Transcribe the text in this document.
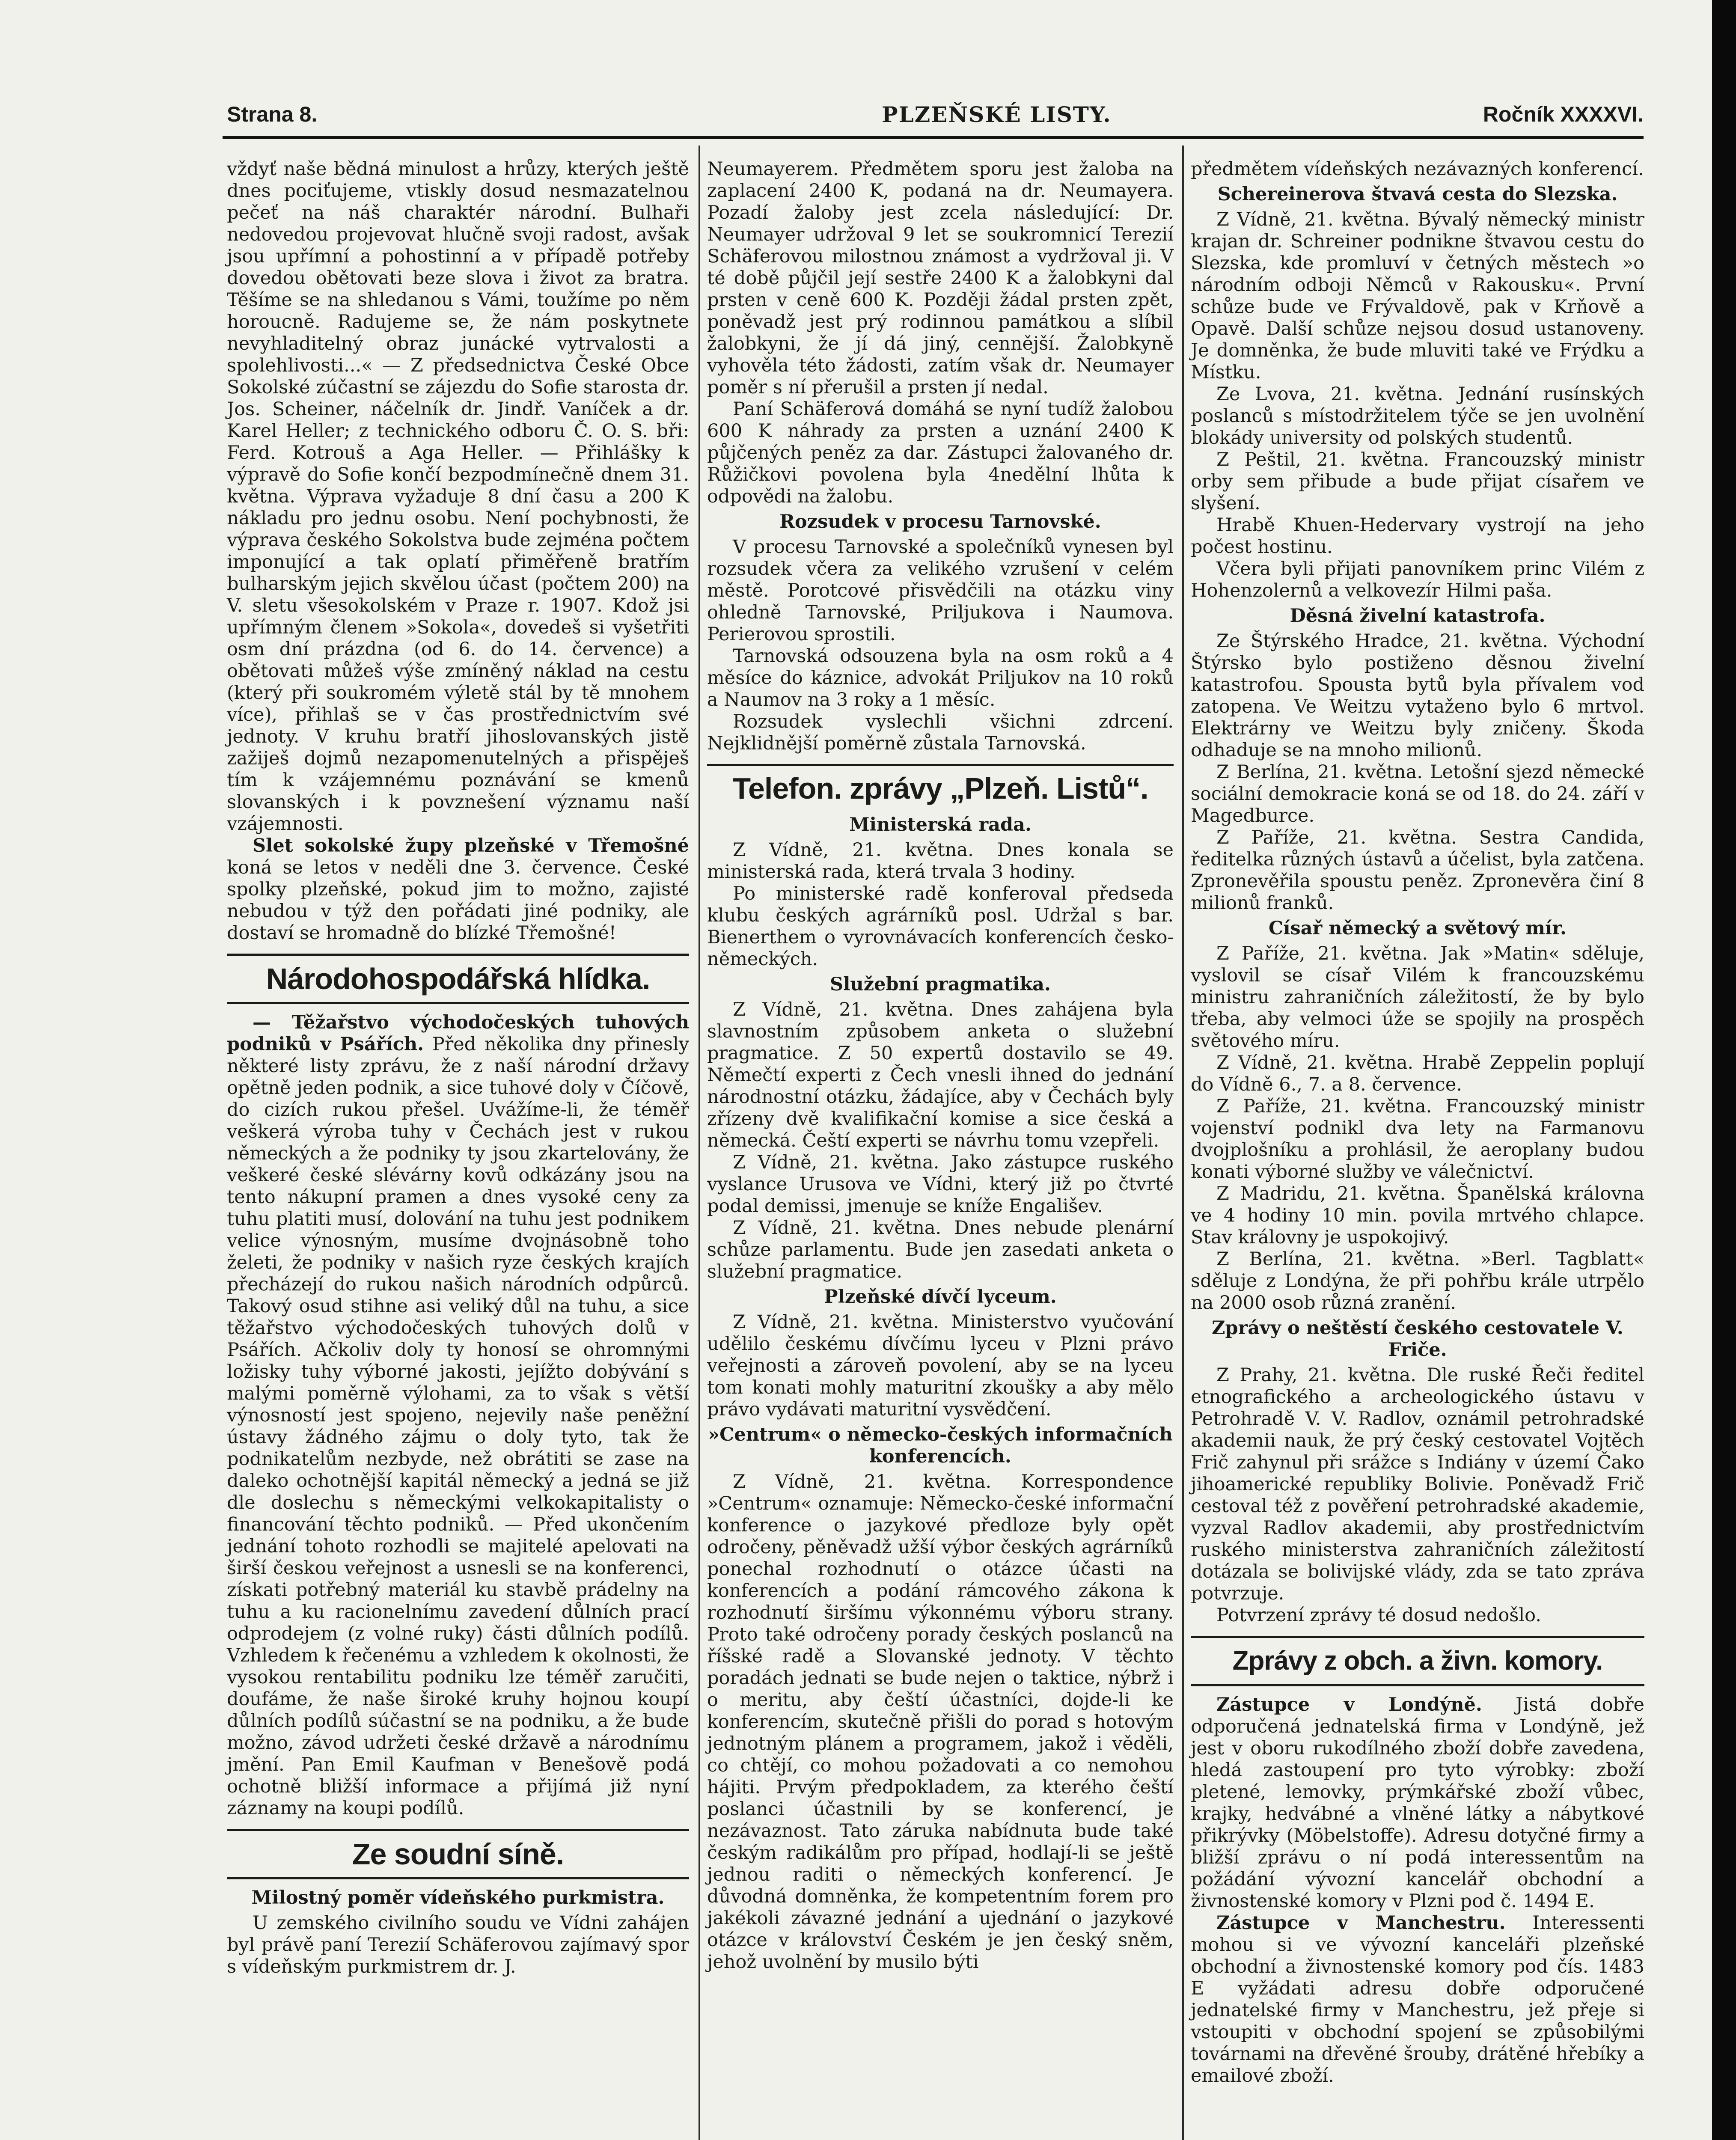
Strana 8.	PLZEŇSKÉ LISTY.	Ročník XXXXVI.

vždyť naše bědná minulost a hrůzy, kterých ještě dnes pociťujeme, vtiskly dosud nesmazatelnou pečeť na náš charaktér národní. Bulhaři nedovedou projevovat hlučně svoji radost, avšak jsou upřímní a pohostinní a v případě potřeby dovedou obětovati beze slova i život za bratra. Těšíme se na shledanou s Vámi, toužíme po něm horoucně. Radujeme se, že nám poskytnete nevyhladitelný obraz junácké vytrvalosti a spolehlivosti...« — Z předsednictva České Obce Sokolské zúčastní se zájezdu do Sofie starosta dr. Jos. Scheiner, náčelník dr. Jindř. Vaníček a dr. Karel Heller; z technického odboru Č. O. S. bři: Ferd. Kotrouš a Aga Heller. — Přihlášky k výpravě do Sofie končí bezpodmínečně dnem 31. května. Výprava vyžaduje 8 dní času a 200 K nákladu pro jednu osobu. Není pochybnosti, že výprava českého Sokolstva bude zejména počtem imponující a tak oplatí přiměřeně bratřím bulharským jejich skvělou účast (počtem 200) na V. sletu všesokolském v Praze r. 1907. Kdož jsi upřímným členem »Sokola«, dovedeš si vyšetřiti osm dní prázdna (od 6. do 14. července) a obětovati můžeš výše zmíněný náklad na cestu (který při soukromém výletě stál by tě mnohem více), přihlaš se v čas prostřednictvím své jednoty. V kruhu bratří jihoslovanských jistě zažiješ dojmů nezapomenutelných a přispěješ tím k vzájemnému poznávání se kmenů slovanských i k povznešení významu naší vzájemnosti.

Slet sokolské župy plzeňské v Třemošné koná se letos v neděli dne 3. července. České spolky plzeňské, pokud jim to možno, zajisté nebudou v týž den pořádati jiné podniky, ale dostaví se hromadně do blízké Třemošné!

Národohospodářská hlídka.

— Těžařstvo východočeských tuhových podniků v Psářích. Před několika dny přinesly některé listy zprávu, že z naší národní državy opětně jeden podnik, a sice tuhové doly v Číčově, do cizích rukou přešel. Uvážíme-li, že téměř veškerá výroba tuhy v Čechách jest v rukou německých a že podniky ty jsou zkartelovány, že veškeré české slévárny kovů odkázány jsou na tento nákupní pramen a dnes vysoké ceny za tuhu platiti musí, dolování na tuhu jest podnikem velice výnosným, musíme dvojnásobně toho želeti, že podniky v našich ryze českých krajích přecházejí do rukou našich národních odpůrců. Takový osud stihne asi veliký důl na tuhu, a sice těžařstvo východočeských tuhových dolů v Psářích. Ačkoliv doly ty honosí se ohromnými ložisky tuhy výborné jakosti, jejížto dobývání s malými poměrně výlohami, za to však s větší výnosností jest spojeno, nejevily naše peněžní ústavy žádného zájmu o doly tyto, tak že podnikatelům nezbyde, než obrátiti se zase na daleko ochotnější kapitál německý a jedná se již dle doslechu s německými velkokapitalisty o financování těchto podniků. — Před ukončením jednání tohoto rozhodli se majitelé apelovati na širší českou veřejnost a usnesli se na konferenci, získati potřebný materiál ku stavbě prádelny na tuhu a ku racionelnímu zavedení důlních prací odprodejem (z volné ruky) části důlních podílů. Vzhledem k řečenému a vzhledem k okolnosti, že vysokou rentabilitu podniku lze téměř zaručiti, doufáme, že naše široké kruhy hojnou koupí důlních podílů súčastní se na podniku, a že bude možno, závod udržeti české državě a národnímu jmění. Pan Emil Kaufman v Benešově podá ochotně bližší informace a přijímá již nyní záznamy na koupi podílů.

Ze soudní síně.
Milostný poměr vídeňského purkmistra.

U zemského civilního soudu ve Vídni zahájen byl právě paní Terezií Schäferovou zajímavý spor s vídeňským purkmistrem dr. J.

Neumayerem. Předmětem sporu jest žaloba na zaplacení 2400 K, podaná na dr. Neumayera. Pozadí žaloby jest zcela následující: Dr. Neumayer udržoval 9 let se soukromnicí Terezií Schäferovou milostnou známost a vydržoval ji. V té době půjčil její sestře 2400 K a žalobkyni dal prsten v ceně 600 K. Později žádal prsten zpět, poněvadž jest prý rodinnou památkou a slíbil žalobkyni, že jí dá jiný, cennější. Žalobkyně vyhověla této žádosti, zatím však dr. Neumayer poměr s ní přerušil a prsten jí nedal.

Paní Schäferová domáhá se nyní tudíž žalobou 600 K náhrady za prsten a uznání 2400 K půjčených peněz za dar. Zástupci žalovaného dr. Růžičkovi povolena byla 4nedělní lhůta k odpovědi na žalobu.

Rozsudek v procesu Tarnovské.

V procesu Tarnovské a společníků vynesen byl rozsudek včera za velikého vzrušení v celém městě. Porotcové přisvědčili na otázku viny ohledně Tarnovské, Priljukova i Naumova. Perierovou sprostili.

Tarnovská odsouzena byla na osm roků a 4 měsíce do káznice, advokát Priljukov na 10 roků a Naumov na 3 roky a 1 měsíc.

Rozsudek vyslechli všichni zdrcení. Nejklidnější poměrně zůstala Tarnovská.

Telefon. zprávy „Plzeň. Listů“.
Ministerská rada.

Z Vídně, 21. května. Dnes konala se ministerská rada, která trvala 3 hodiny.

Po ministerské radě konferoval předseda klubu českých agrárníků posl. Udržal s bar. Bienerthem o vyrovnávacích konferencích česko-německých.

Služební pragmatika.

Z Vídně, 21. května. Dnes zahájena byla slavnostním způsobem anketa o služební pragmatice. Z 50 expertů dostavilo se 49. Němečtí experti z Čech vnesli ihned do jednání národnostní otázku, žádajíce, aby v Čechách byly zřízeny dvě kvalifikační komise a sice česká a německá. Čeští experti se návrhu tomu vzepřeli.

Z Vídně, 21. května. Jako zástupce ruského vyslance Urusova ve Vídni, který již po čtvrté podal demissi, jmenuje se kníže Engališev.

Z Vídně, 21. května. Dnes nebude plenární schůze parlamentu. Bude jen zasedati anketa o služební pragmatice.

Plzeňské dívčí lyceum.

Z Vídně, 21. května. Ministerstvo vyučování udělilo českému dívčímu lyceu v Plzni právo veřejnosti a zároveň povolení, aby se na lyceu tom konati mohly maturitní zkoušky a aby mělo právo vydávati maturitní vysvědčení.

»Centrum« o německo-českých informačních konferencích.

Z Vídně, 21. května. Korrespondence »Centrum« oznamuje: Německo-české informační konference o jazykové předloze byly opět odročeny, pěněvadž užší výbor českých agrárníků ponechal rozhodnutí o otázce účasti na konferencích a podání rámcového zákona k rozhodnutí širšímu výkonnému výboru strany. Proto také odročeny porady českých poslanců na říšské radě a Slovanské jednoty. V těchto poradách jednati se bude nejen o taktice, nýbrž i o meritu, aby čeští účastníci, dojde-li ke konferencím, skutečně přišli do porad s hotovým jednotným plánem a programem, jakož i věděli, co chtějí, co mohou požadovati a co nemohou hájiti. Prvým předpokladem, za kterého čeští poslanci účastnili by se konferencí, je nezávaznost. Tato záruka nabídnuta bude také českým radikálům pro případ, hodlají-li se ještě jednou raditi o německých konferencí. Je důvodná domněnka, že kompetentním forem pro jakékoli závazné jednání a ujednání o jazykové otázce v království Českém je jen český sněm, jehož uvolnění by musilo býti

předmětem vídeňských nezávazných konferencí.

Schereinerova štvavá cesta do Slezska.

Z Vídně, 21. května. Bývalý německý ministr krajan dr. Schreiner podnikne štvavou cestu do Slezska, kde promluví v četných městech »o národním odboji Němců v Rakousku«. První schůze bude ve Frývaldově, pak v Krňově a Opavě. Další schůze nejsou dosud ustanoveny. Je domněnka, že bude mluviti také ve Frýdku a Místku.

Ze Lvova, 21. května. Jednání rusínských poslanců s místodržitelem týče se jen uvolnění blokády university od polských studentů.

Z Peštil, 21. května. Francouzský ministr orby sem přibude a bude přijat císařem ve slyšení.

Hrabě Khuen-Hedervary vystrojí na jeho počest hostinu.

Včera byli přijati panovníkem princ Vilém z Hohenzolernů a velkovezír Hilmi paša.

Děsná živelní katastrofa.

Ze Štýrského Hradce, 21. května. Východní Štýrsko bylo postiženo děsnou živelní katastrofou. Spousta bytů byla přívalem vod zatopena. Ve Weitzu vytaženo bylo 6 mrtvol. Elektrárny ve Weitzu byly zničeny. Škoda odhaduje se na mnoho milionů.

Z Berlína, 21. května. Letošní sjezd německé sociální demokracie koná se od 18. do 24. září v Magedburce.

Z Paříže, 21. května. Sestra Candida, ředitelka různých ústavů a účelist, byla zatčena. Zpronevěřila spoustu peněz. Zpronevěra činí 8 milionů franků.

Císař německý a světový mír.

Z Paříže, 21. května. Jak »Matin« sděluje, vyslovil se císař Vilém k francouzskému ministru zahraničních záležitostí, že by bylo třeba, aby velmoci úže se spojily na prospěch světového míru.

Z Vídně, 21. května. Hrabě Zeppelin poplují do Vídně 6., 7. a 8. července.

Z Paříže, 21. května. Francouzský ministr vojenství podnikl dva lety na Farmanovu dvojplošníku a prohlásil, že aeroplany budou konati výborné služby ve válečnictví.

Z Madridu, 21. května. Španělská královna ve 4 hodiny 10 min. povila mrtvého chlapce. Stav královny je uspokojivý.

Z Berlína, 21. května. »Berl. Tagblatt« sděluje z Londýna, že při pohřbu krále utrpělo na 2000 osob různá zranění.

Zprávy o neštěstí českého cestovatele V. Friče.

Z Prahy, 21. května. Dle ruské Řeči ředitel etnografického a archeologického ústavu v Petrohradě V. V. Radlov, oznámil petrohradské akademii nauk, že prý český cestovatel Vojtěch Frič zahynul při srážce s Indiány v území Čako jihoamerické republiky Bolivie. Poněvadž Frič cestoval též z pověření petrohradské akademie, vyzval Radlov akademii, aby prostřednictvím ruského ministerstva zahraničních záležitostí dotázala se bolivijské vlády, zda se tato zpráva potvrzuje.

Potvrzení zprávy té dosud nedošlo.

Zprávy z obch. a živn. komory.

Zástupce v Londýně. Jistá dobře odporučená jednatelská firma v Londýně, jež jest v oboru rukodílného zboží dobře zavedena, hledá zastoupení pro tyto výrobky: zboží pletené, lemovky, prýmkářské zboží vůbec, krajky, hedvábné a vlněné látky a nábytkové přikrývky (Möbelstoffe). Adresu dotyčné firmy a bližší zprávu o ní podá interessentům na požádání vývozní kancelář obchodní a živnostenské komory v Plzni pod č. 1494 E.

Zástupce v Manchestru. Interessenti mohou si ve vývozní kanceláři plzeňské obchodní a živnostenské komory pod čís. 1483 E vyžádati adresu dobře odporučené jednatelské firmy v Manchestru, jež přeje si vstoupiti v obchodní spojení se způsobilými továrnami na dřevěné šrouby, drátěné hřebíky a emailové zboží.
